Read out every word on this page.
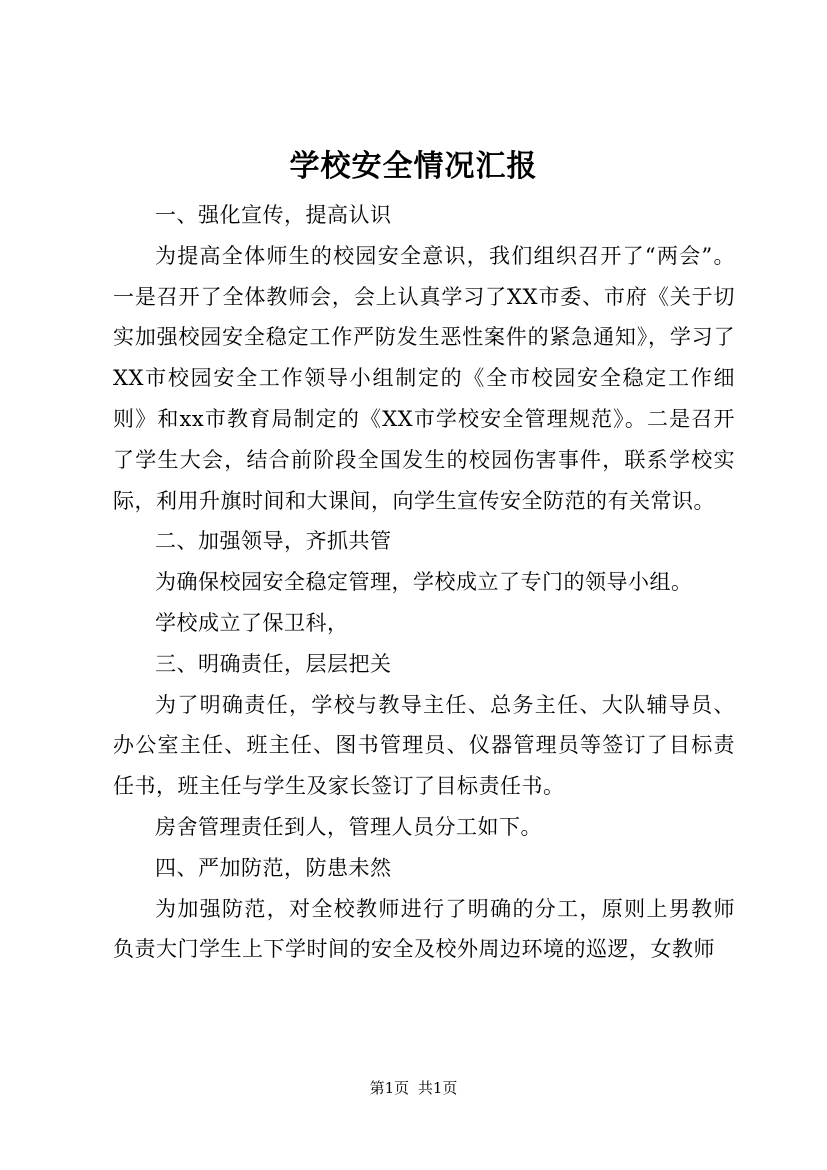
学校安全情况汇报

一、强化宣传，提高认识

为提高全体师生的校园安全意识，我们组织召开了“两会”。一是召开了全体教师会，会上认真学习了XX市委、市府《关于切实加强校园安全稳定工作严防发生恶性案件的紧急通知》，学习了XX市校园安全工作领导小组制定的《全市校园安全稳定工作细则》和xx市教育局制定的《XX市学校安全管理规范》。二是召开了学生大会，结合前阶段全国发生的校园伤害事件，联系学校实际，利用升旗时间和大课间，向学生宣传安全防范的有关常识。

二、加强领导，齐抓共管

为确保校园安全稳定管理，学校成立了专门的领导小组。

学校成立了保卫科，

三、明确责任，层层把关

为了明确责任，学校与教导主任、总务主任、大队辅导员、办公室主任、班主任、图书管理员、仪器管理员等签订了目标责任书，班主任与学生及家长签订了目标责任书。

房舍管理责任到人，管理人员分工如下。

四、严加防范，防患未然

为加强防范，对全校教师进行了明确的分工，原则上男教师负责大门学生上下学时间的安全及校外周边环境的巡逻，女教师

第1页 共1页
